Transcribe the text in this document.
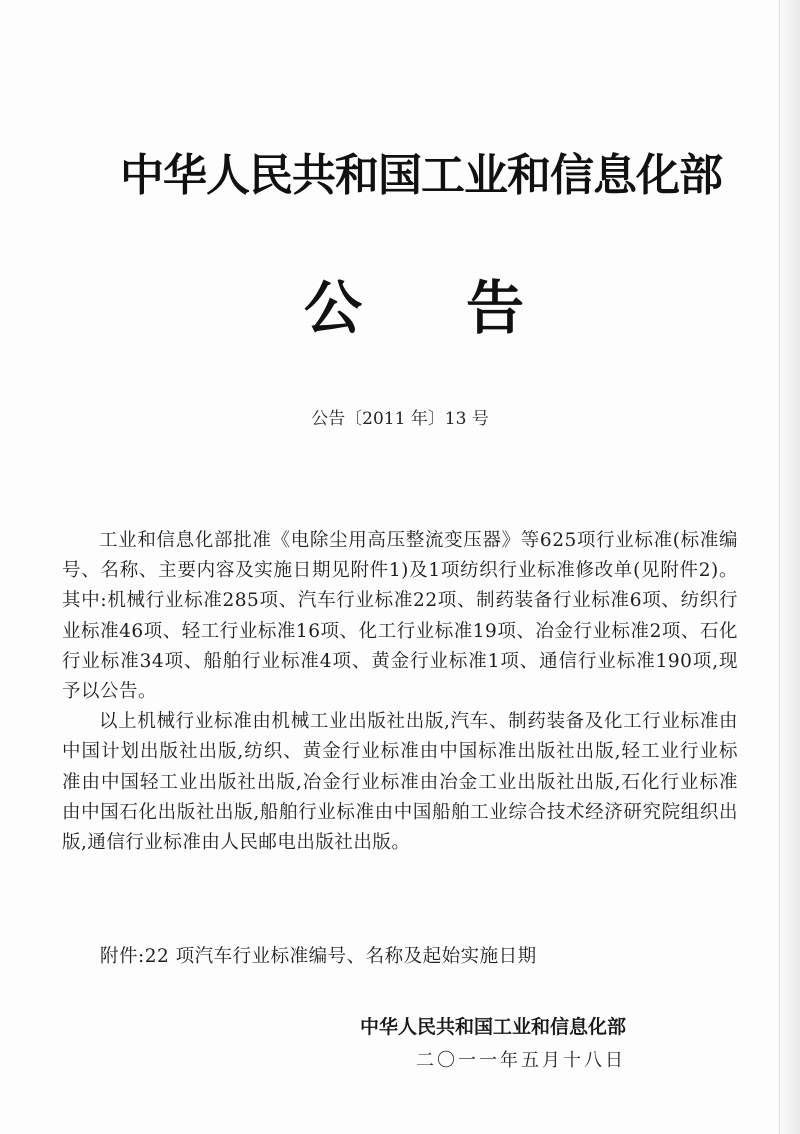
中华人民共和国工业和信息化部
公告
公告〔2011 年〕13 号

工业和信息化部批准《电除尘用高压整流变压器》等625项行业标准(标准编号、名称、主要内容及实施日期见附件1)及1项纺织行业标准修改单(见附件2)。其中:机械行业标准285项、汽车行业标准22项、制药装备行业标准6项、纺织行业标准46项、轻工行业标准16项、化工行业标准19项、冶金行业标准2项、石化行业标准34项、船舶行业标准4项、黄金行业标准1项、通信行业标准190项,现予以公告。

以上机械行业标准由机械工业出版社出版,汽车、制药装备及化工行业标准由中国计划出版社出版,纺织、黄金行业标准由中国标准出版社出版,轻工业行业标准由中国轻工业出版社出版,冶金行业标准由冶金工业出版社出版,石化行业标准由中国石化出版社出版,船舶行业标准由中国船舶工业综合技术经济研究院组织出版,通信行业标准由人民邮电出版社出版。

附件:22 项汽车行业标准编号、名称及起始实施日期
中华人民共和国工业和信息化部
二〇一一年五月十八日
